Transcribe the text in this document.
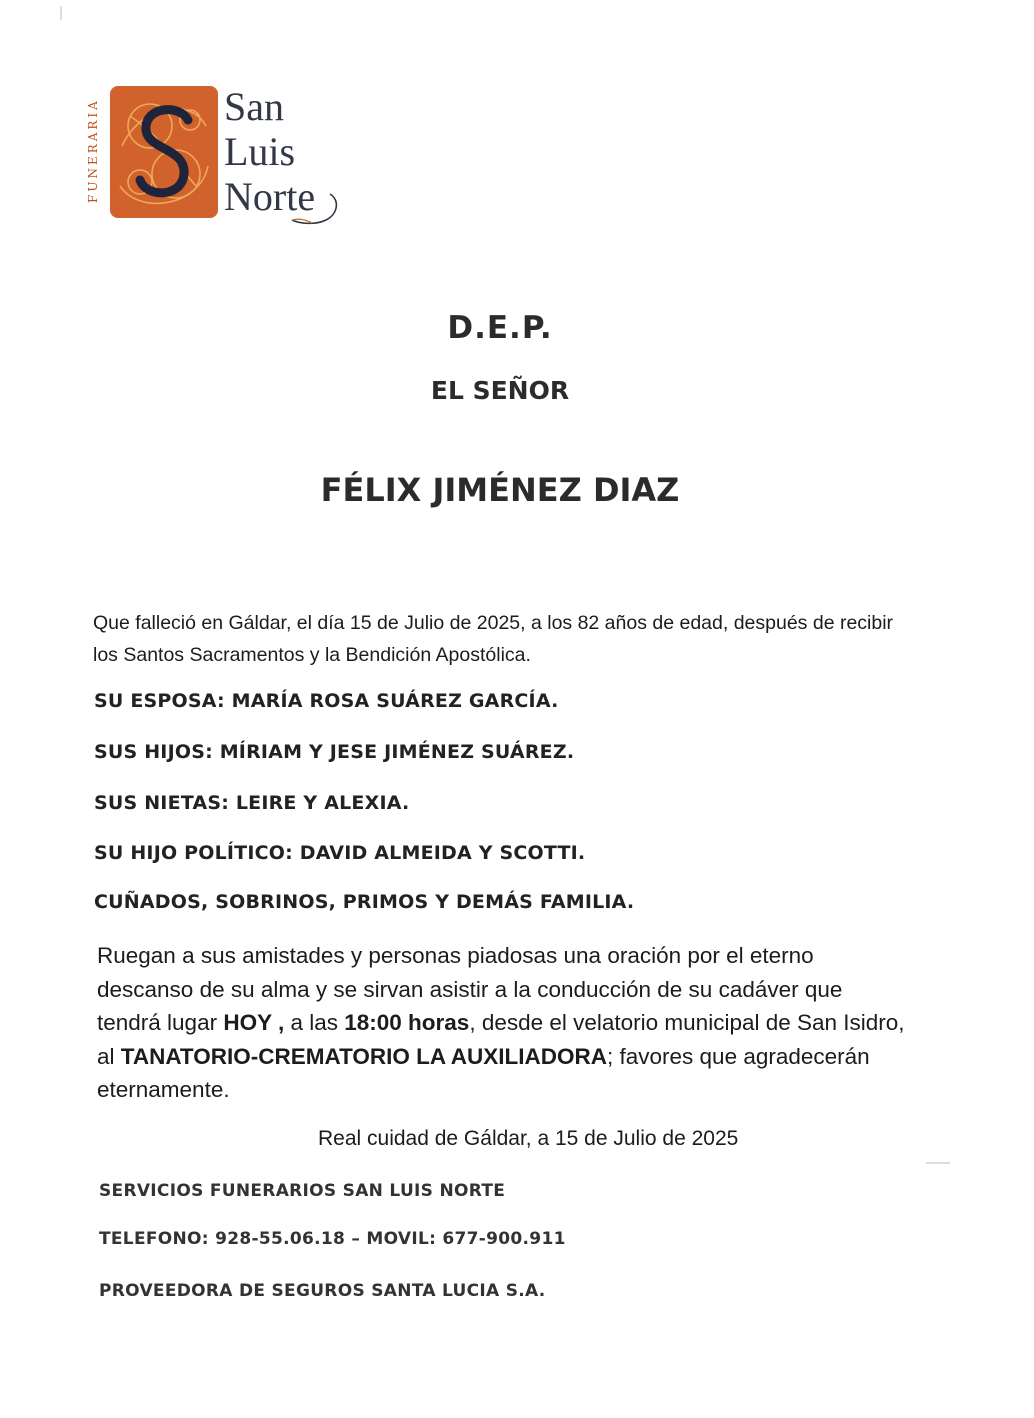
FUNERARIA	San
Luis
Norte
D.E.P.
EL SEÑOR
FÉLIX JIMÉNEZ DIAZ
Que falleció en Gáldar, el día 15 de Julio de 2025, a los 82 años de edad, después de recibir los Santos Sacramentos y la Bendición Apostólica.
SU ESPOSA: MARÍA ROSA SUÁREZ GARCÍA.
SUS HIJOS: MÍRIAM Y JESE JIMÉNEZ SUÁREZ.
SUS NIETAS: LEIRE Y ALEXIA.
SU HIJO POLÍTICO: DAVID ALMEIDA Y SCOTTI.
CUÑADOS, SOBRINOS, PRIMOS Y DEMÁS FAMILIA.
Ruegan a sus amistades y personas piadosas una oración por el eterno descanso de su alma y se sirvan asistir a la conducción de su cadáver que tendrá lugar HOY , a las 18:00 horas, desde el velatorio municipal de San Isidro, al TANATORIO-CREMATORIO LA AUXILIADORA; favores que agradecerán eternamente.
Real cuidad de Gáldar, a 15 de Julio de 2025
SERVICIOS FUNERARIOS SAN LUIS NORTE
TELEFONO: 928-55.06.18 – MOVIL: 677-900.911
PROVEEDORA DE SEGUROS SANTA LUCIA S.A.
